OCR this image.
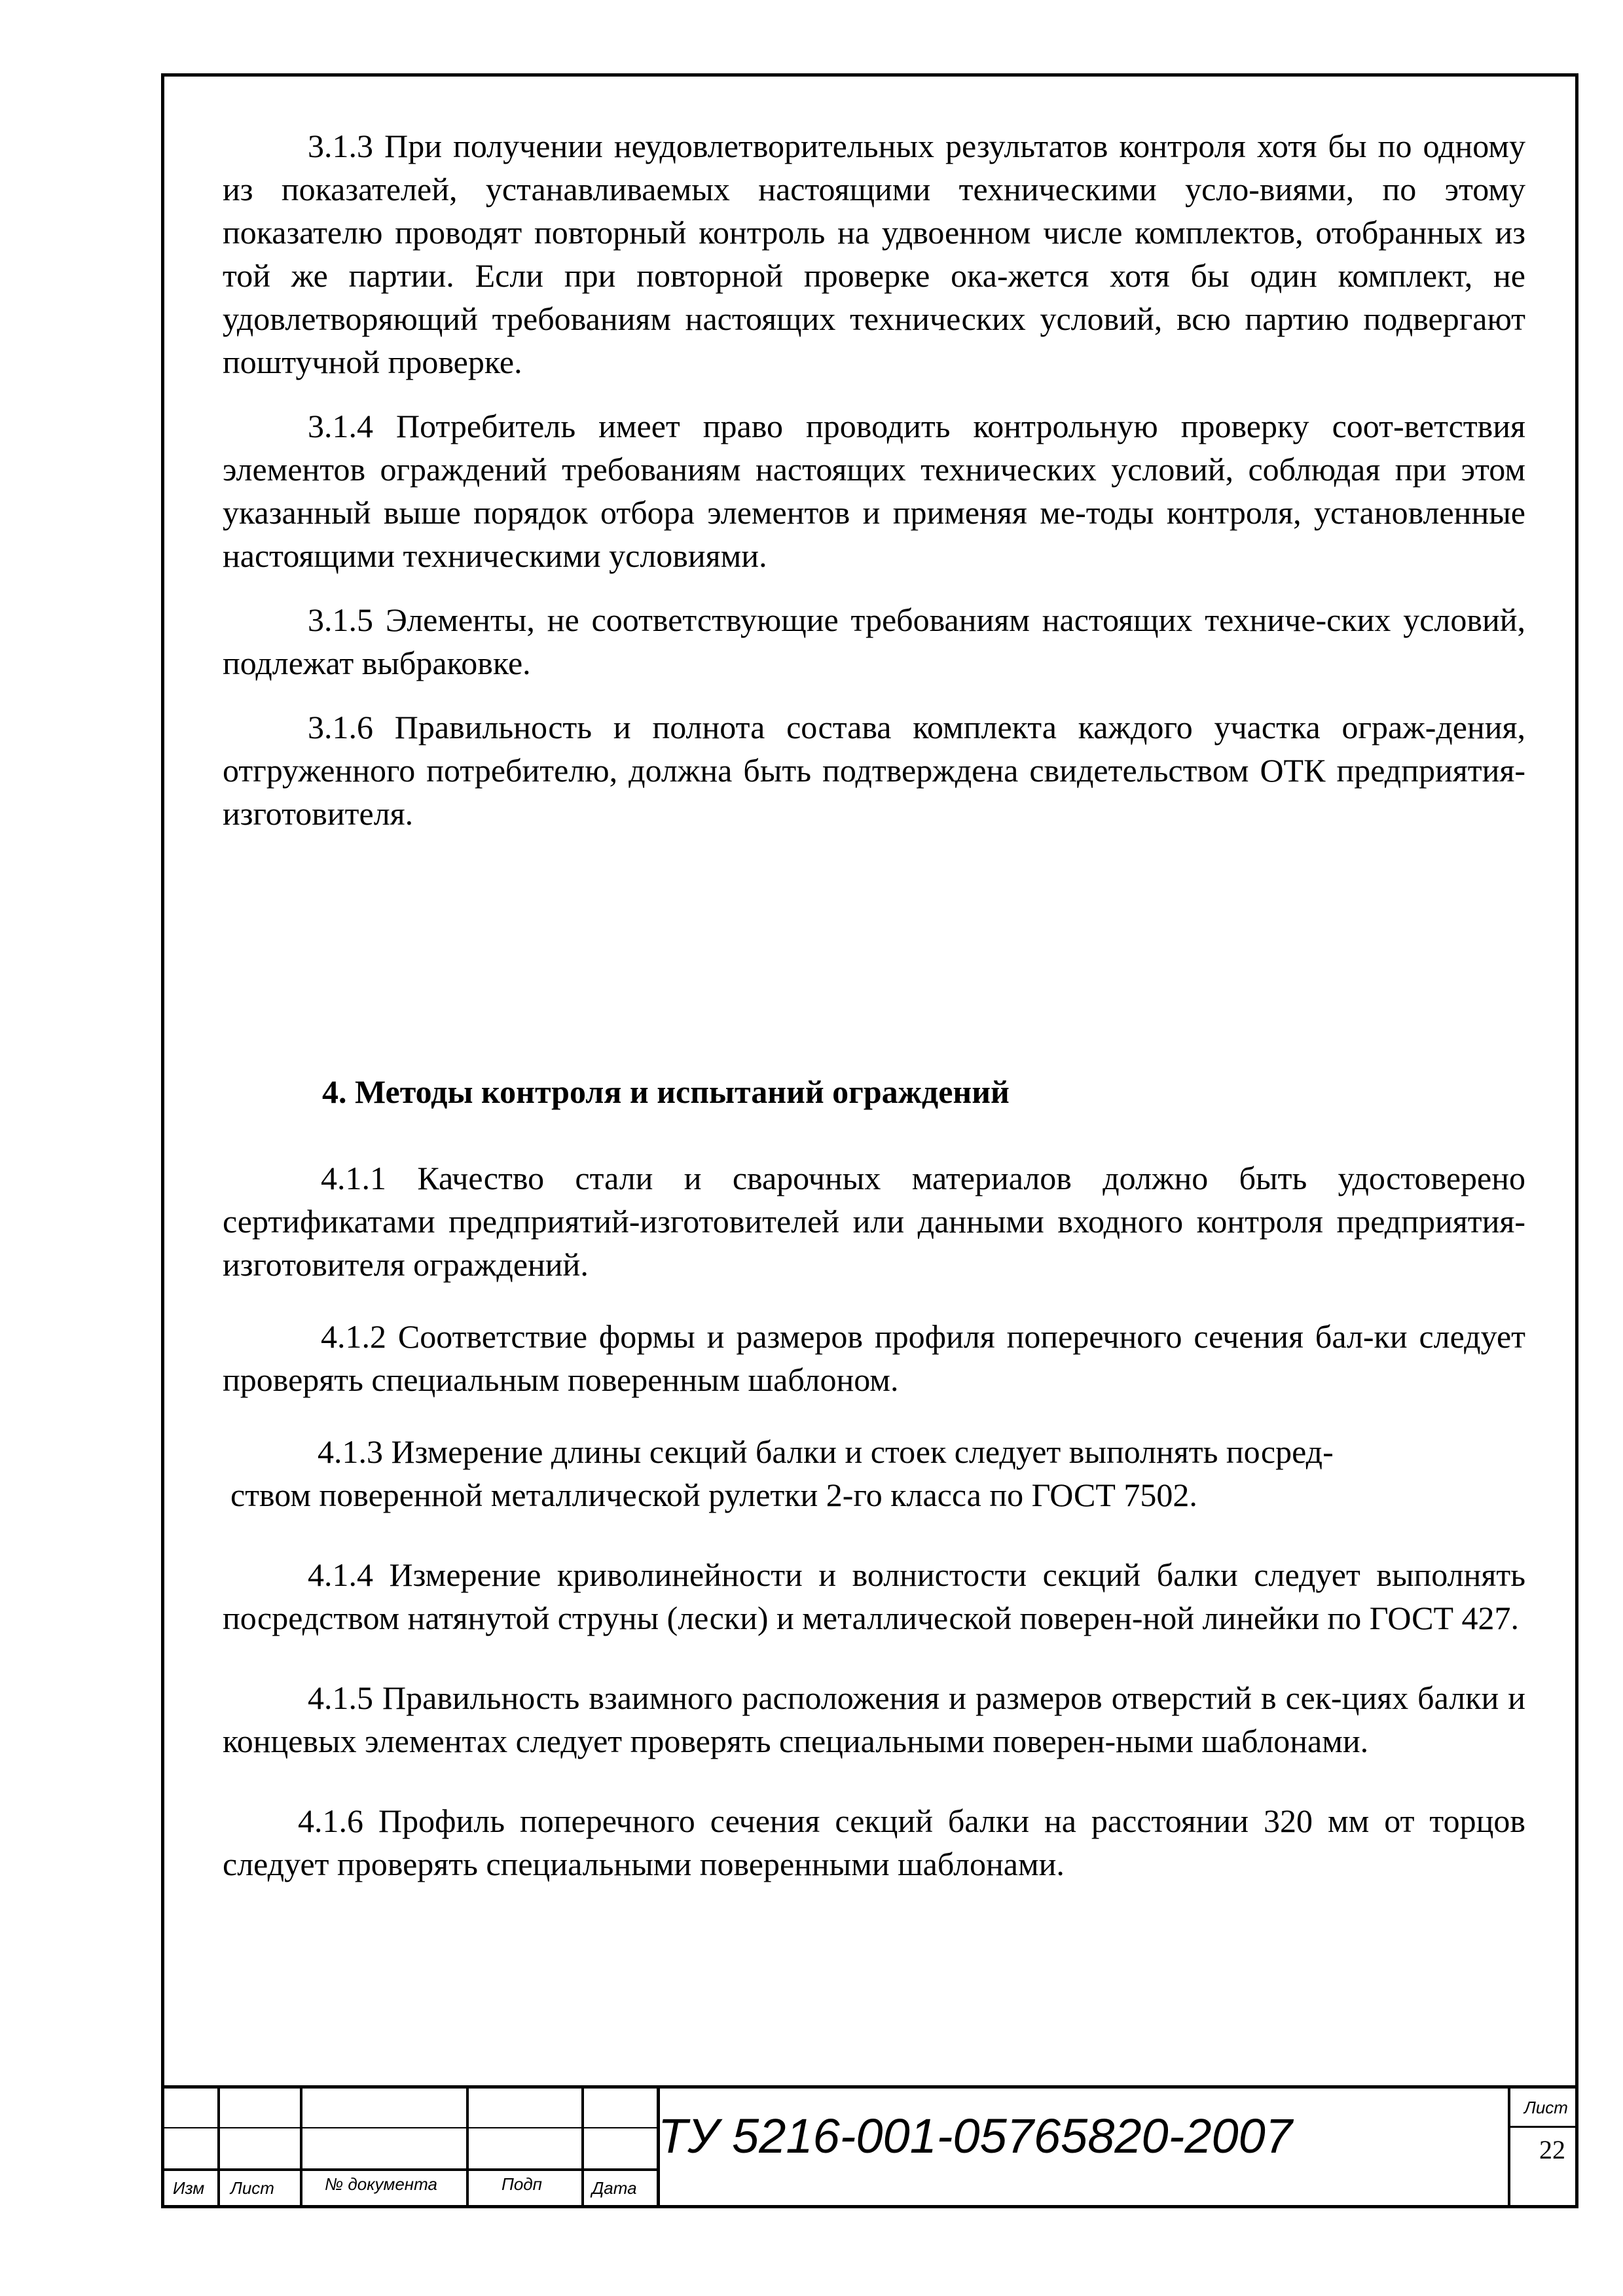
3.1.3 При получении неудовлетворительных результатов контроля хотя бы по одному из показателей, устанавливаемых настоящими техническими усло-виями, по этому показателю проводят повторный контроль на удвоенном числе комплектов, отобранных из той же партии. Если при повторной проверке ока-жется хотя бы один комплект, не удовлетворяющий требованиям настоящих технических условий, всю партию подвергают поштучной проверке.

3.1.4 Потребитель имеет право проводить контрольную проверку соот-ветствия элементов ограждений требованиям настоящих технических условий, соблюдая при этом указанный выше порядок отбора элементов и применяя ме-тоды контроля, установленные настоящими техническими условиями.

3.1.5 Элементы, не соответствующие требованиям настоящих техниче-ских условий, подлежат выбраковке.

3.1.6 Правильность и полнота состава комплекта каждого участка ограж-дения, отгруженного потребителю, должна быть подтверждена свидетельством ОТК предприятия- изготовителя.

4. Методы контроля и испытаний ограждений

4.1.1 Качество стали и сварочных материалов должно быть удостоверено сертификатами предприятий-изготовителей или данными входного контроля предприятия-изготовителя ограждений.

4.1.2 Соответствие формы и размеров профиля поперечного сечения бал-ки следует проверять специальным поверенным шаблоном.

4.1.3 Измерение длины секций балки и стоек следует выполнять посред-

ством поверенной металлической рулетки 2-го класса по ГОСТ 7502.

4.1.4 Измерение криволинейности и волнистости секций балки следует выполнять посредством натянутой струны (лески) и металлической поверен-ной линейки по ГОСТ 427.

4.1.5 Правильность взаимного расположения и размеров отверстий в сек-циях балки и концевых элементах следует проверять специальными поверен-ными шаблонами.

4.1.6 Профиль поперечного сечения секций балки на расстоянии 320 мм от торцов следует проверять специальными поверенными шаблонами.

Изм Лист	№ документа	Подп	Дата
ТУ 5216-001-05765820-2007
Лист
22
